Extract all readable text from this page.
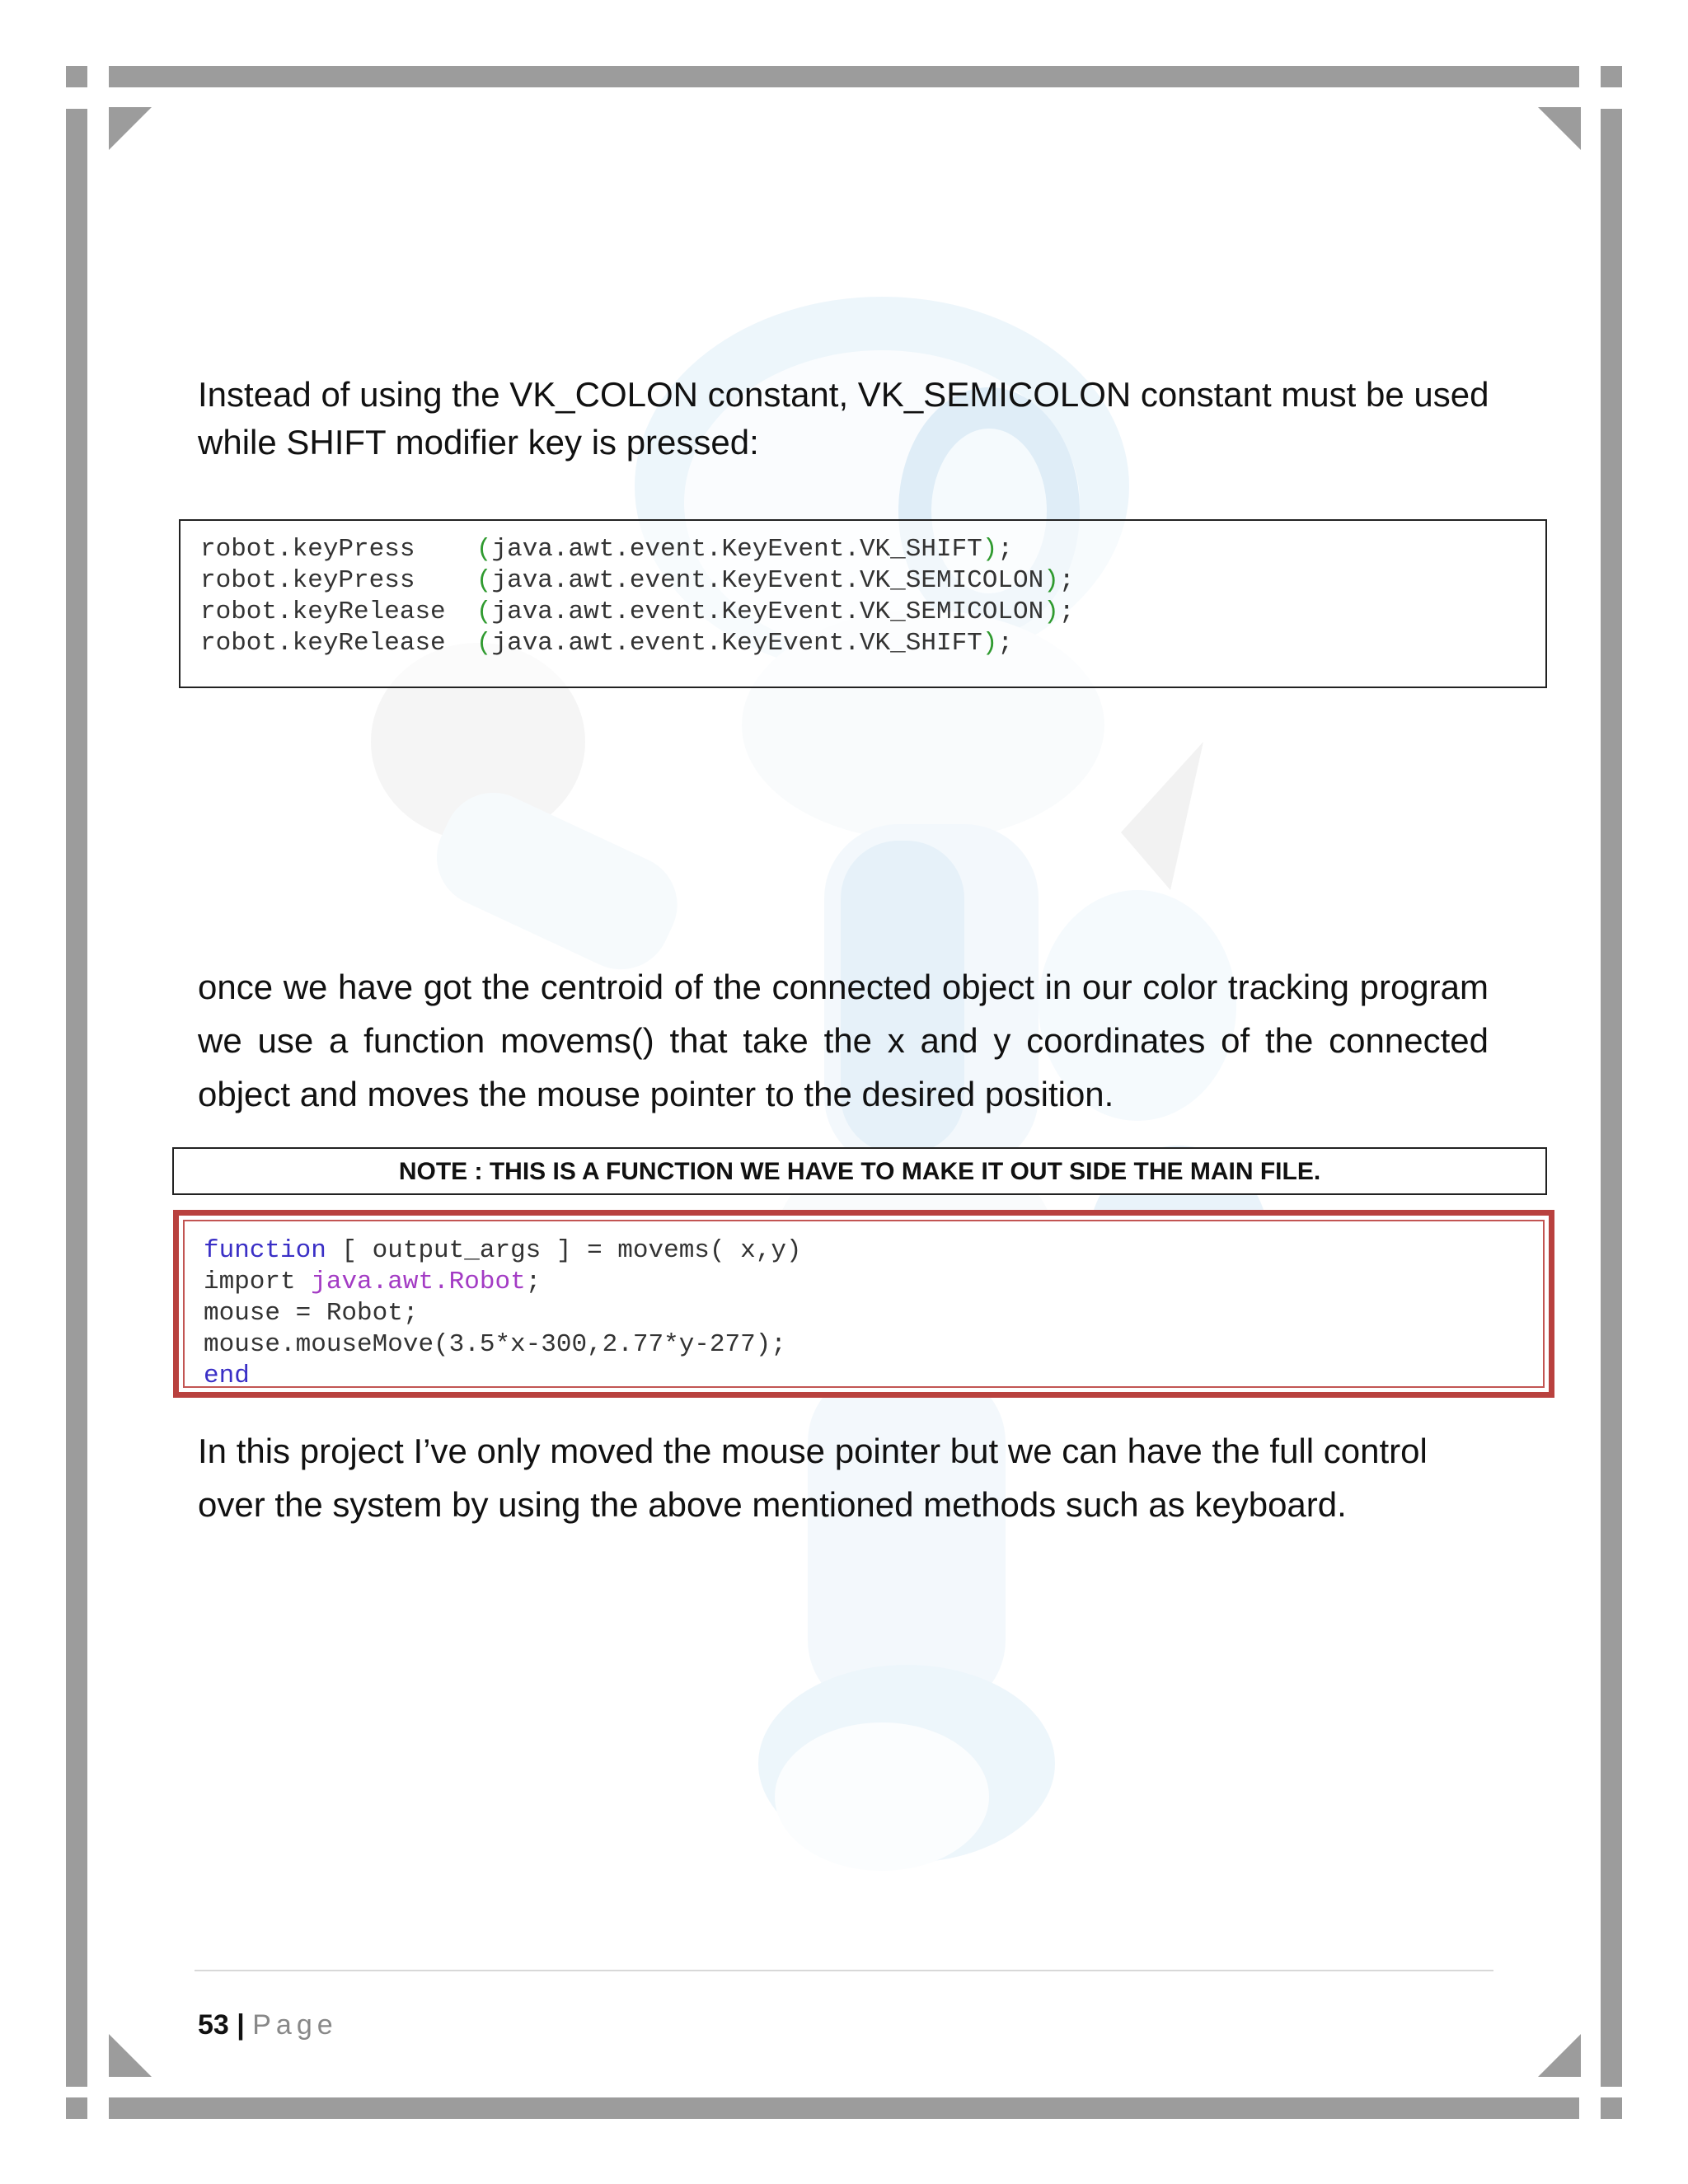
Instead of using the VK_COLON constant, VK_SEMICOLON constant must be used while SHIFT modifier key is pressed:
robot.keyPress (java.awt.event.KeyEvent.VK_SHIFT);
robot.keyPress (java.awt.event.KeyEvent.VK_SEMICOLON);
robot.keyRelease (java.awt.event.KeyEvent.VK_SEMICOLON);
robot.keyRelease (java.awt.event.KeyEvent.VK_SHIFT);
once we have got the centroid of the connected object in our color tracking program we use a function movems() that take the x and y coordinates of the connected object and moves the mouse pointer to the desired position.
NOTE : THIS IS A FUNCTION WE HAVE TO MAKE IT OUT SIDE THE MAIN FILE.
function [ output_args ] = movems( x,y)
import java.awt.Robot;
mouse = Robot;
mouse.mouseMove(3.5*x-300,2.77*y-277);
end
In this project I’ve only moved the mouse pointer but we can have the full control over the system by using the above mentioned methods such as keyboard.
53 | Page
